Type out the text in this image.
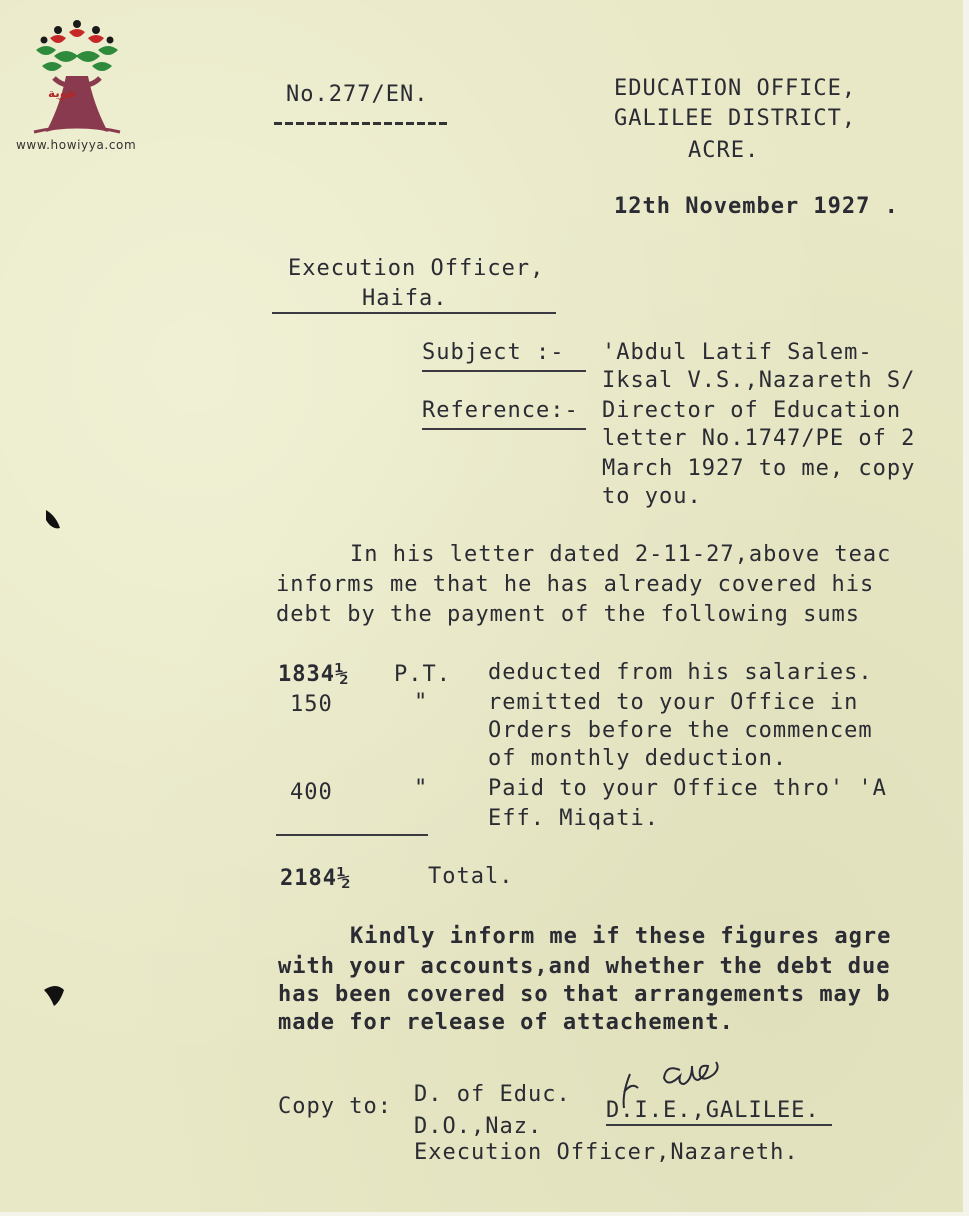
هوية
www.howiyya.com
No.277/EN.	EDUCATION OFFICE,
GALILEE DISTRICT,
ACRE.
12th November 1927 .
Execution Officer,
Haifa.
Subject :- 'Abdul Latif Salem-
Iksal V.S.,Nazareth S/
Reference:- Director of Education
letter No.1747/PE of 2
March 1927 to me, copy
to you.
In his letter dated 2-11-27,above teac
informs me that he has already covered his
debt by the payment of the following sums
1834½ P.T. deducted from his salaries.
150	"	remitted to your Office in
Orders before the commencem
of monthly deduction.
400	"	Paid to your Office thro' 'A
Eff. Miqati.
2184½	Total.
Kindly inform me if these figures agre
with your accounts,and whether the debt due
has been covered so that arrangements may b
made for release of attachement.
Copy to: D. of Educ.
D.O.,Naz.
Execution Officer,Nazareth.
D.I.E.,GALILEE.
